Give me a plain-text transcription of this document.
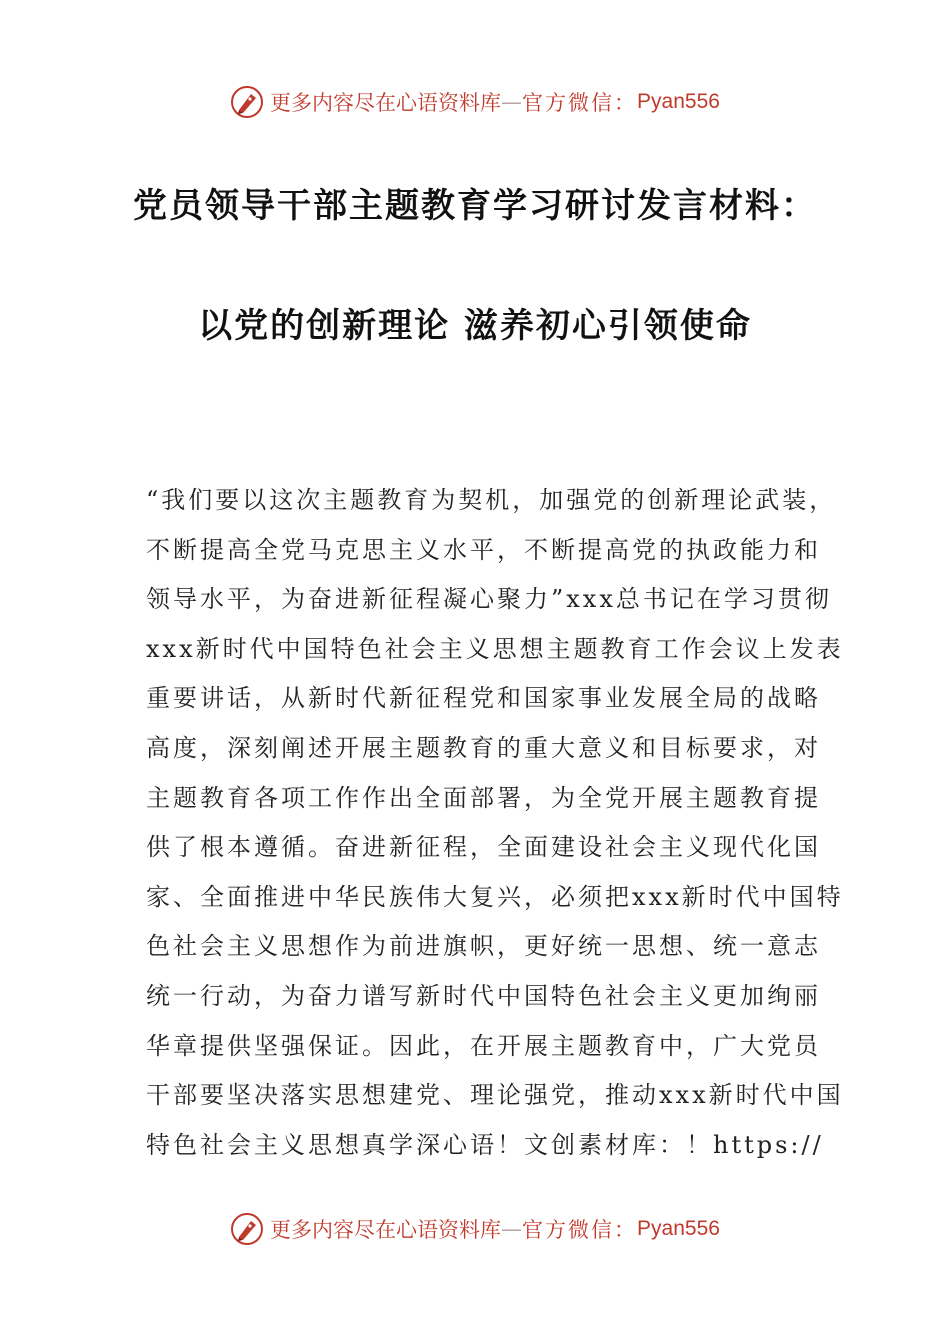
更多内容尽在心语资料库 — 官方微信： Pyan556
党员领导干部主题教育学习研讨发言材料：
以党的创新理论 滋养初心引领使命
“我们要以这次主题教育为契机，加强党的创新理论武装，
不断提高全党马克思主义水平，不断提高党的执政能力和
领导水平，为奋进新征程凝心聚力”xxx总书记在学习贯彻
xxx新时代中国特色社会主义思想主题教育工作会议上发表
重要讲话，从新时代新征程党和国家事业发展全局的战略
高度，深刻阐述开展主题教育的重大意义和目标要求，对
主题教育各项工作作出全面部署，为全党开展主题教育提
供了根本遵循。奋进新征程，全面建设社会主义现代化国
家、全面推进中华民族伟大复兴，必须把xxx新时代中国特
色社会主义思想作为前进旗帜，更好统一思想、统一意志
统一行动，为奋力谱写新时代中国特色社会主义更加绚丽
华章提供坚强保证。因此，在开展主题教育中，广大党员
干部要坚决落实思想建党、理论强党，推动xxx新时代中国
特色社会主义思想真学深心语！文创素材库：！https://
更多内容尽在心语资料库 — 官方微信： Pyan556
